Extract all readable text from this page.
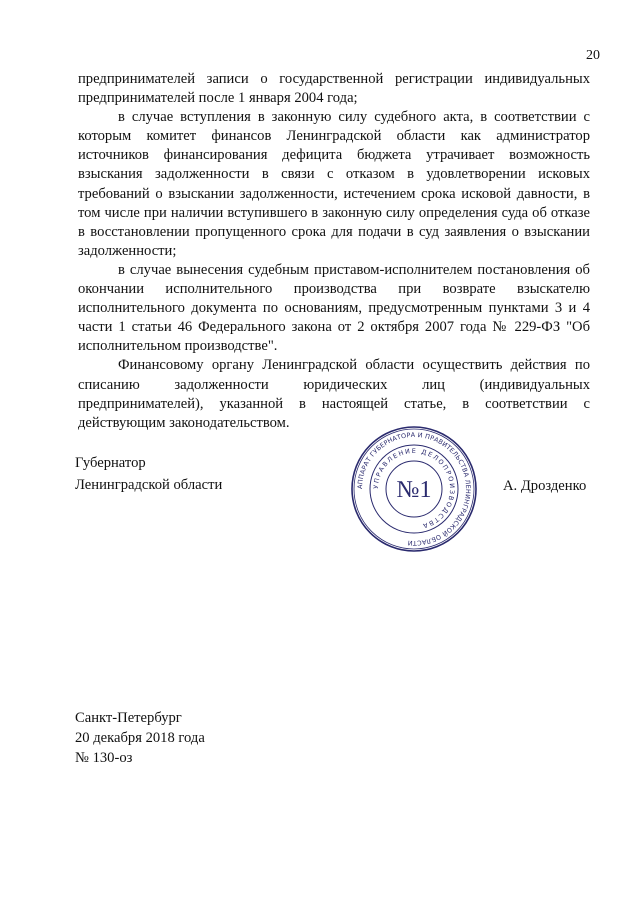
20

предпринимателей записи о государственной регистрации индивидуальных предпринимателей после 1 января 2004 года;

в случае вступления в законную силу судебного акта, в соответствии с которым комитет финансов Ленинградской области как администратор источников финансирования дефицита бюджета утрачивает возможность взыскания задолженности в связи с отказом в удовлетворении исковых требований о взыскании задолженности, истечением срока исковой давности, в том числе при наличии вступившего в законную силу определения суда об отказе в восстановлении пропущенного срока для подачи в суд заявления о взыскании задолженности;

в случае вынесения судебным приставом-исполнителем постановления об окончании исполнительного производства при возврате взыскателю исполнительного документа по основаниям, предусмотренным пунктами 3 и 4 части 1 статьи 46 Федерального закона от 2 октября 2007 года № 229-ФЗ "Об исполнительном производстве".

Финансовому органу Ленинградской области осуществить действия по списанию задолженности юридических лиц (индивидуальных предпринимателей), указанной в настоящей статье, в соответствии с действующим законодательством.

Губернатор
Ленинградской области	АППАРАТ ГУБЕРНАТОРА И ПРАВИТЕЛЬСТВА ЛЕНИНГРАДСКОЙ ОБЛАСТИ
УПРАВЛЕНИЕ ДЕЛОПРОИЗВОДСТВА
№1	А. Дрозденко
Санкт-Петербург
20 декабря 2018 года
№ 130-оз
